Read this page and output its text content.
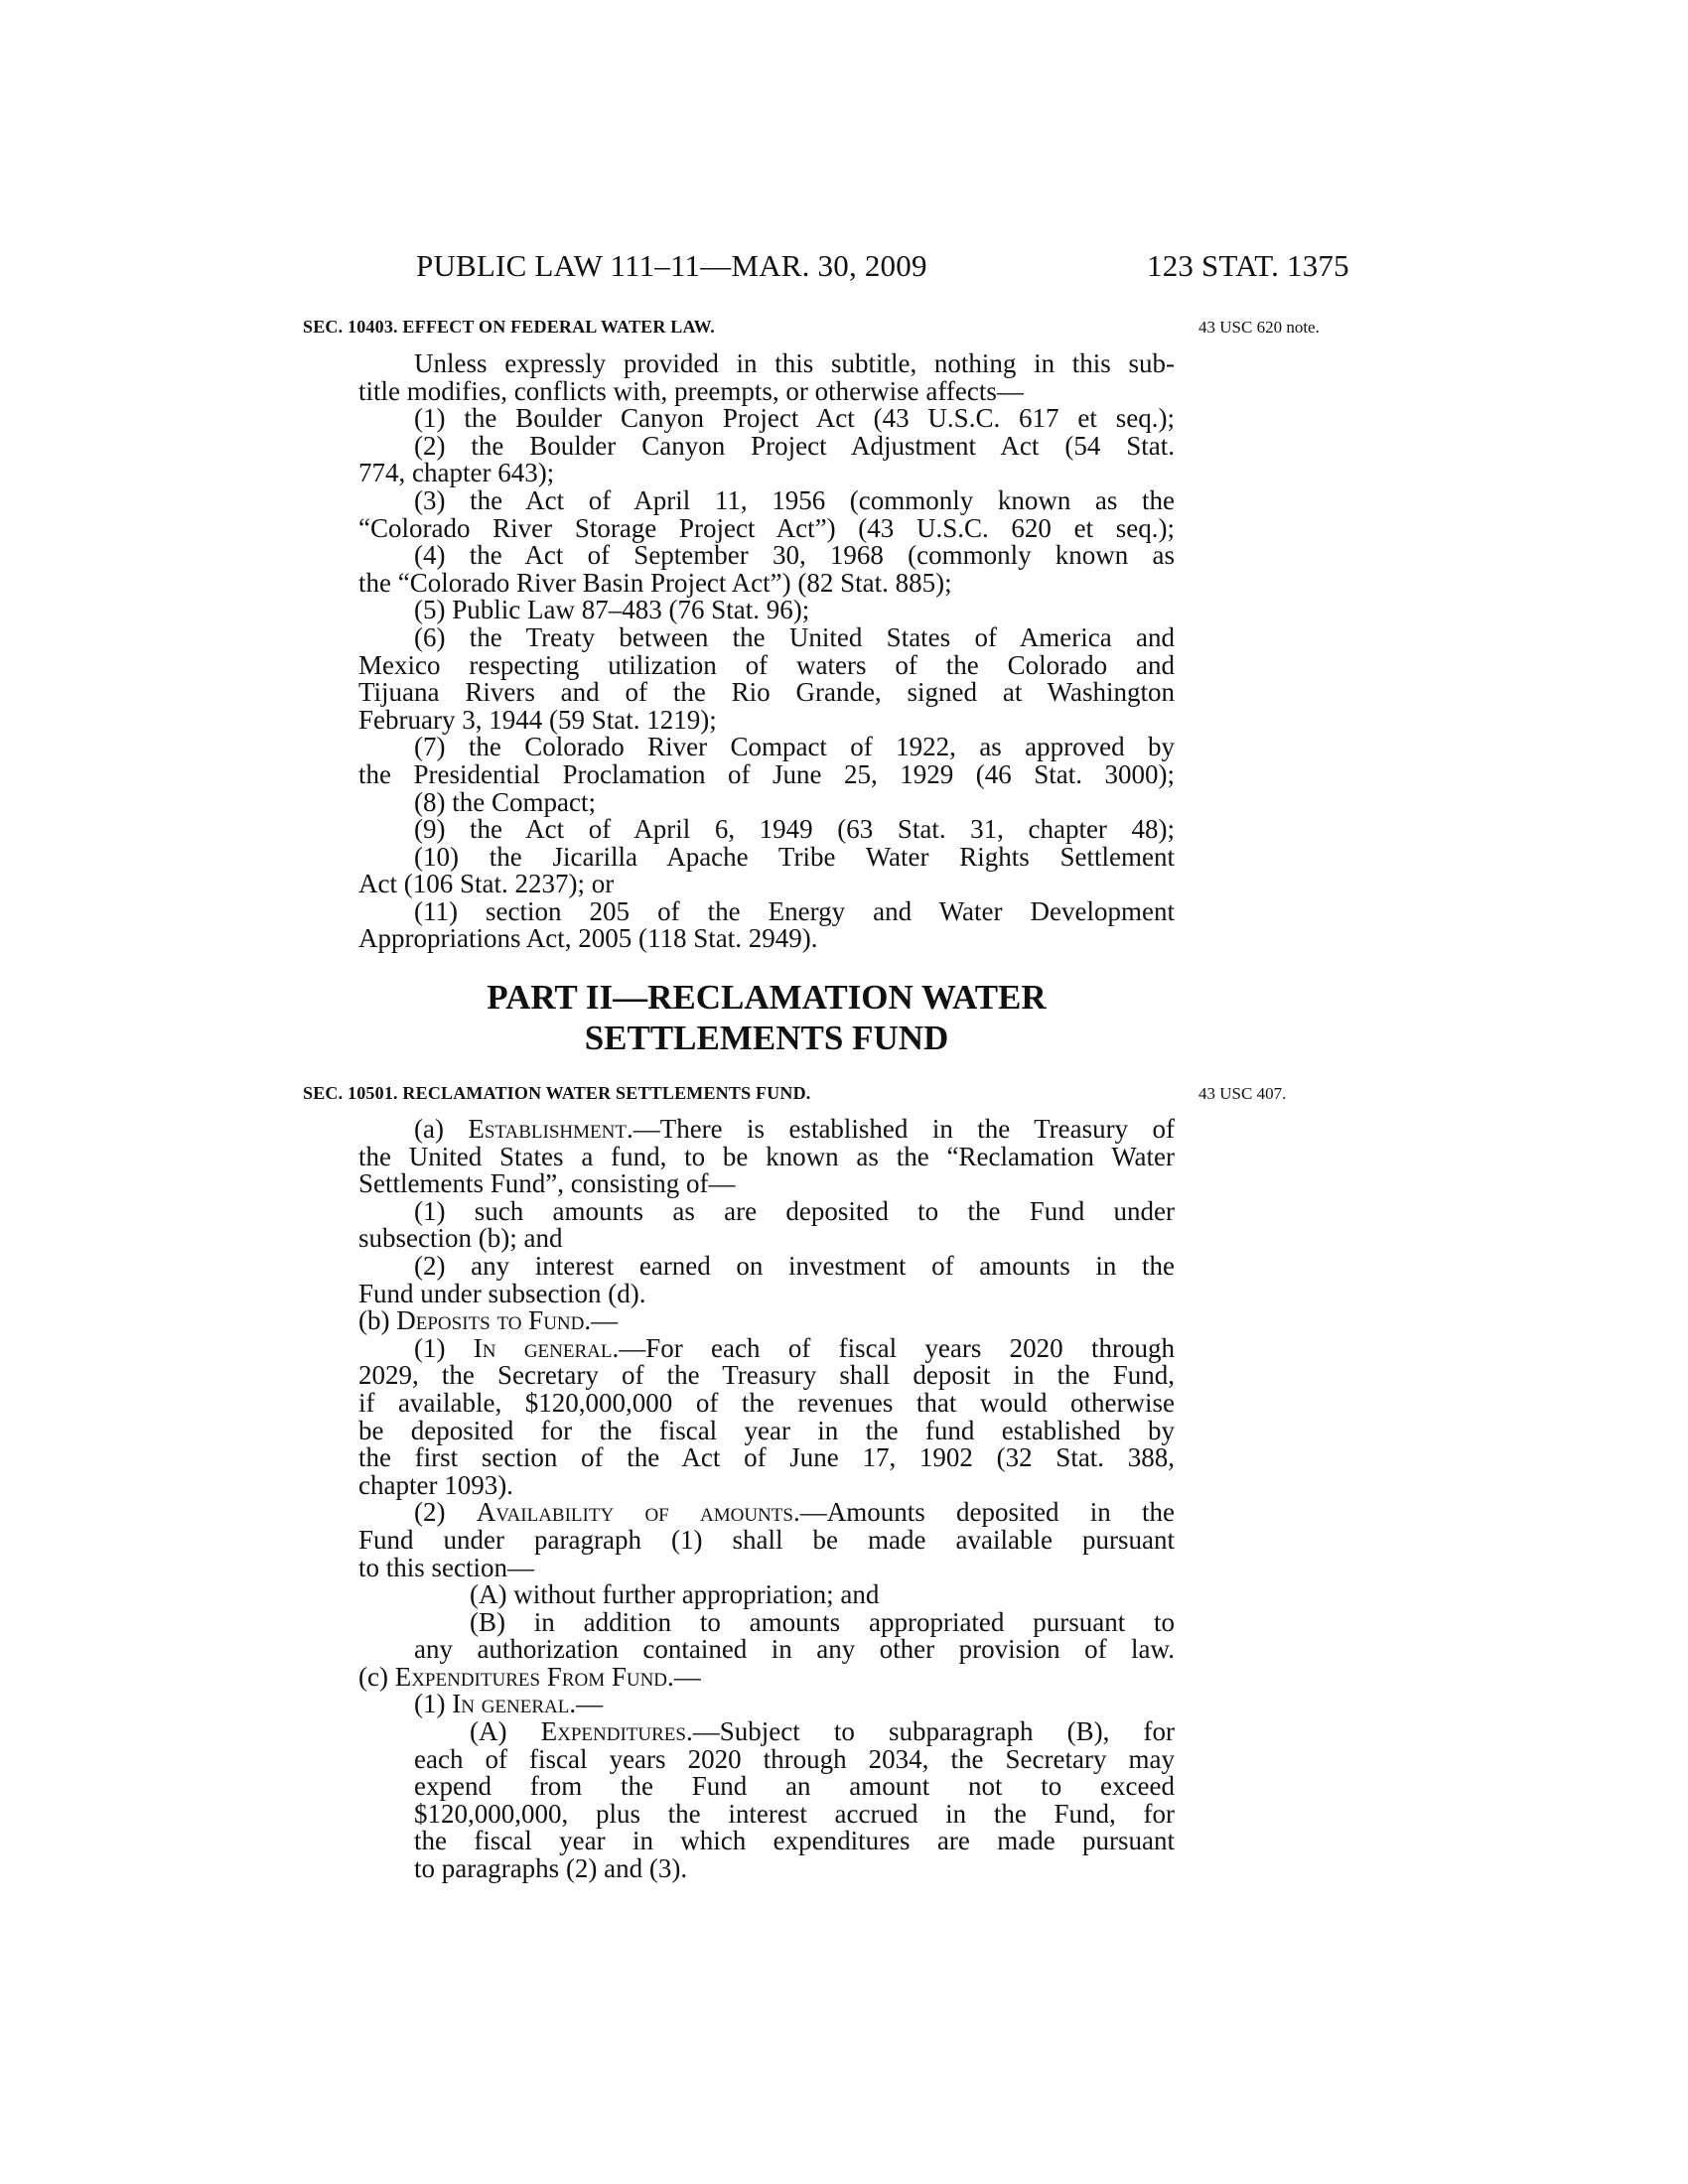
PUBLIC LAW 111–11—MAR. 30, 2009	123 STAT. 1375
SEC. 10403. EFFECT ON FEDERAL WATER LAW.	43 USC 620 note.

Unless expressly provided in this subtitle, nothing in this sub-

title modifies, conflicts with, preempts, or otherwise affects—

(1) the Boulder Canyon Project Act (43 U.S.C. 617 et seq.);

(2) the Boulder Canyon Project Adjustment Act (54 Stat.

774, chapter 643);

(3) the Act of April 11, 1956 (commonly known as the

“Colorado River Storage Project Act”) (43 U.S.C. 620 et seq.);

(4) the Act of September 30, 1968 (commonly known as

the “Colorado River Basin Project Act”) (82 Stat. 885);

(5) Public Law 87–483 (76 Stat. 96);

(6) the Treaty between the United States of America and

Mexico respecting utilization of waters of the Colorado and

Tijuana Rivers and of the Rio Grande, signed at Washington

February 3, 1944 (59 Stat. 1219);

(7) the Colorado River Compact of 1922, as approved by

the Presidential Proclamation of June 25, 1929 (46 Stat. 3000);

(8) the Compact;

(9) the Act of April 6, 1949 (63 Stat. 31, chapter 48);

(10) the Jicarilla Apache Tribe Water Rights Settlement

Act (106 Stat. 2237); or

(11) section 205 of the Energy and Water Development

Appropriations Act, 2005 (118 Stat. 2949).

PART II—RECLAMATION WATER
SETTLEMENTS FUND
SEC. 10501. RECLAMATION WATER SETTLEMENTS FUND.	43 USC 407.

(a) Establishment.—There is established in the Treasury of

the United States a fund, to be known as the “Reclamation Water

Settlements Fund”, consisting of—

(1) such amounts as are deposited to the Fund under

subsection (b); and

(2) any interest earned on investment of amounts in the

Fund under subsection (d).

(b) Deposits to Fund.—

(1) In general.—For each of fiscal years 2020 through

2029, the Secretary of the Treasury shall deposit in the Fund,

if available, $120,000,000 of the revenues that would otherwise

be deposited for the fiscal year in the fund established by

the first section of the Act of June 17, 1902 (32 Stat. 388,

chapter 1093).

(2) Availability of amounts.—Amounts deposited in the

Fund under paragraph (1) shall be made available pursuant

to this section—

(A) without further appropriation; and

(B) in addition to amounts appropriated pursuant to

any authorization contained in any other provision of law.

(c) Expenditures From Fund.—

(1) In general.—

(A) Expenditures.—Subject to subparagraph (B), for

each of fiscal years 2020 through 2034, the Secretary may

expend from the Fund an amount not to exceed

$120,000,000, plus the interest accrued in the Fund, for

the fiscal year in which expenditures are made pursuant

to paragraphs (2) and (3).
